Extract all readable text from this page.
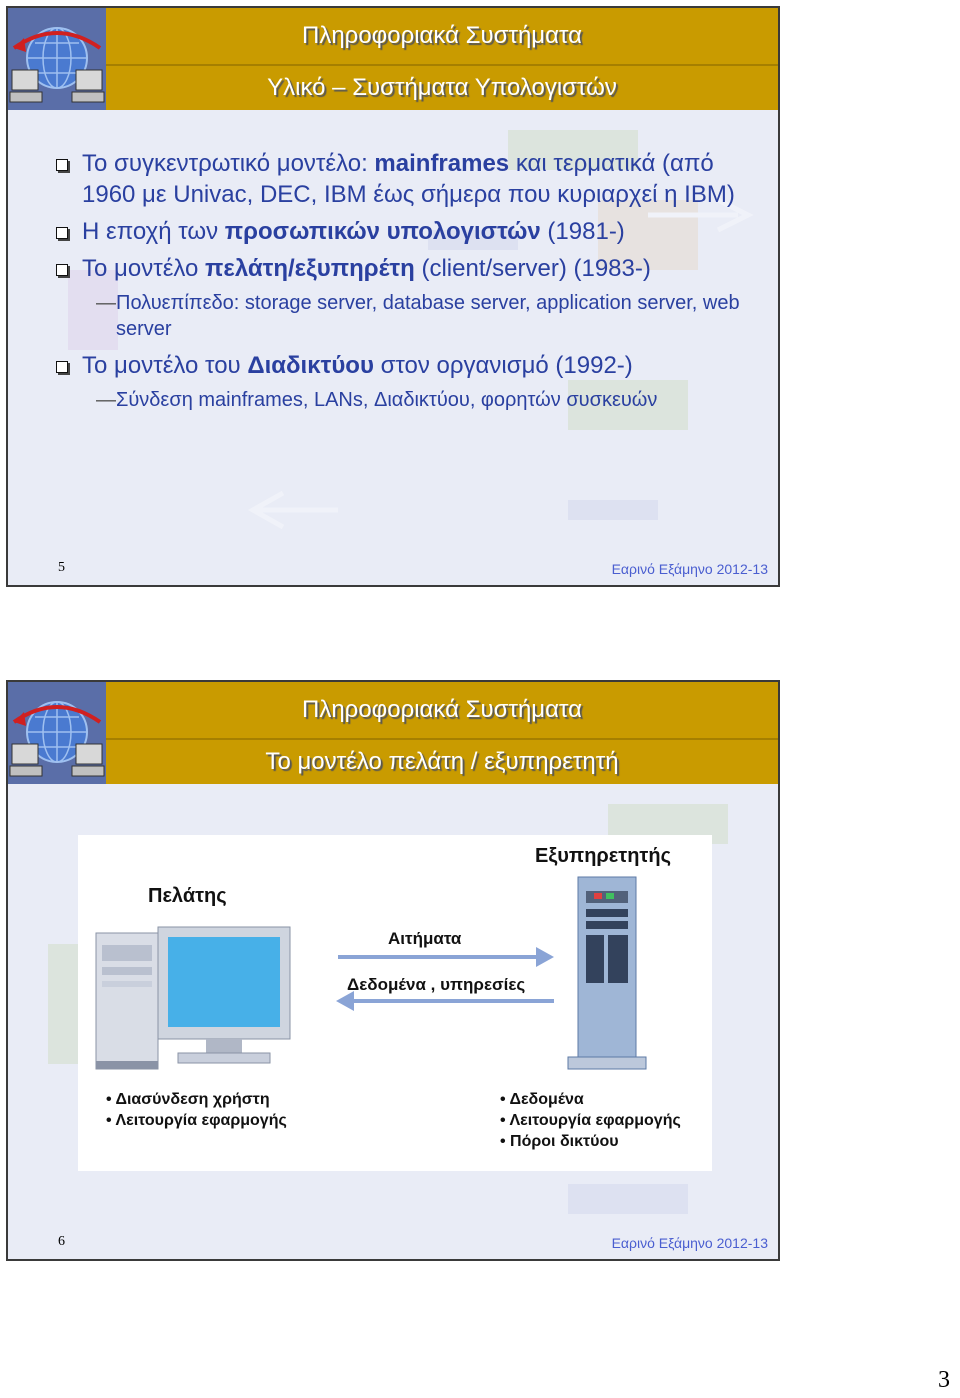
Πληροφοριακά Συστήματα
Υλικό – Συστήματα Υπολογιστών
Το συγκεντρωτικό μοντέλο: mainframes και τερματικά (από 1960 με Univac, DEC, IBM έως σήμερα που κυριαρχεί η IBM)
Η εποχή των προσωπικών υπολογιστών (1981-)
Το μοντέλο πελάτη/εξυπηρέτη (client/server) (1983-)
— Πολυεπίπεδο: storage server, database server, application server, web server
Το μοντέλο του Διαδικτύου στον οργανισμό (1992-)
— Σύνδεση mainframes, LANs, Διαδικτύου, φορητών συσκευών
5	Εαρινό Εξάμηνο 2012-13
Πληροφοριακά Συστήματα
Το μοντέλο πελάτη / εξυπηρετητή
Εξυπηρετητής
Πελάτης
Αιτήματα
Δεδομένα , υπηρεσίες
• Διασύνδεση χρήστη
• Λειτουργία εφαρμογής
• Δεδομένα
• Λειτουργία εφαρμογής
• Πόροι δικτύου
6	Εαρινό Εξάμηνο 2012-13
3
